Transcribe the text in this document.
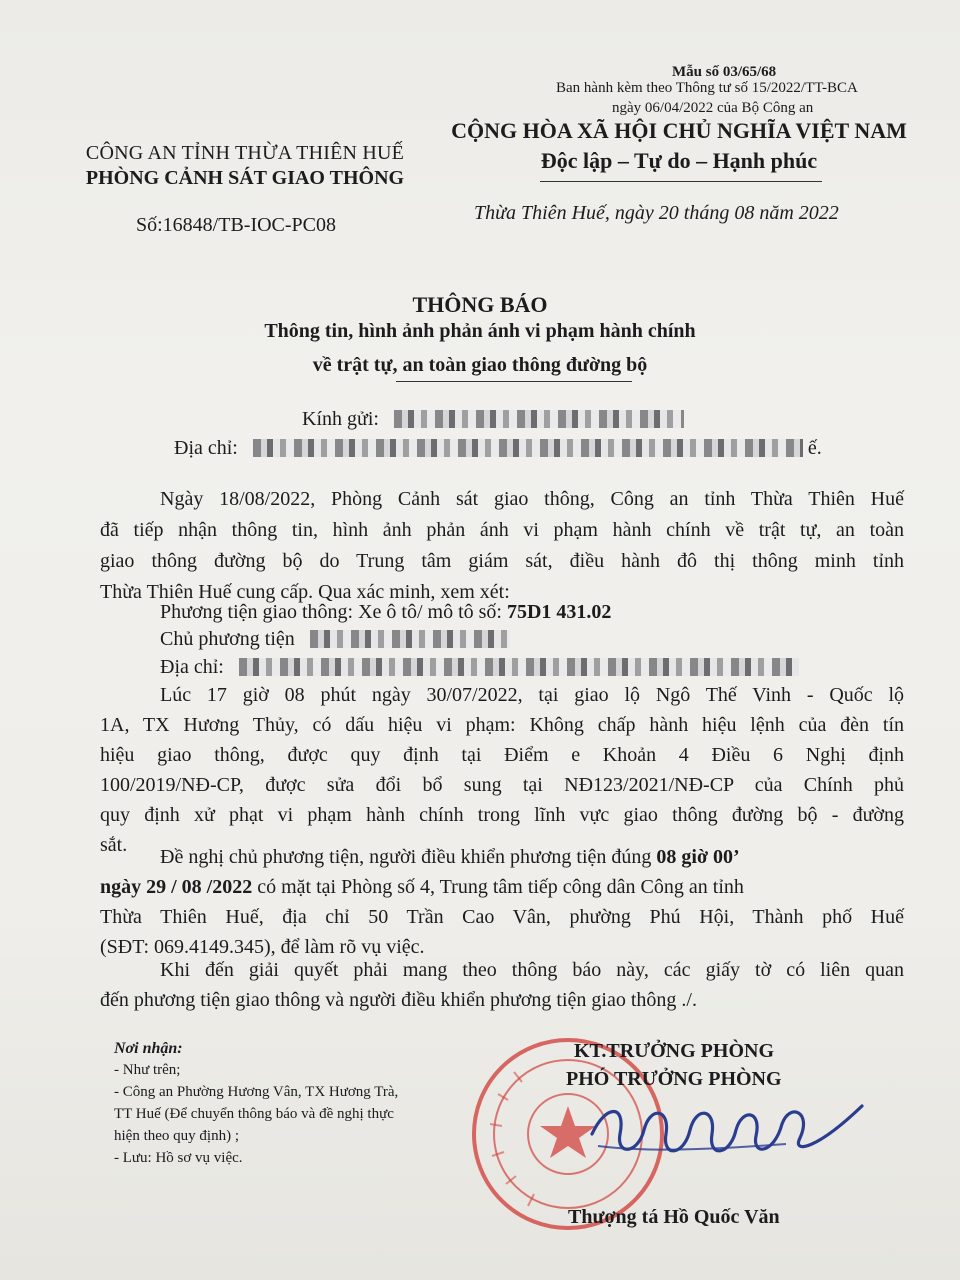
Mẫu số 03/65/68
Ban hành kèm theo Thông tư số 15/2022/TT-BCA
ngày 06/04/2022 của Bộ Công an
CÔNG AN TỈNH THỪA THIÊN HUẾ
PHÒNG CẢNH SÁT GIAO THÔNG
CỘNG HÒA XÃ HỘI CHỦ NGHĨA VIỆT NAM
Độc lập – Tự do – Hạnh phúc
Số:16848/TB-IOC-PC08
Thừa Thiên Huế, ngày 20 tháng 08 năm 2022
THÔNG BÁO
Thông tin, hình ảnh phản ánh vi phạm hành chính
về trật tự, an toàn giao thông đường bộ
Kính gửi:
Địa chỉ:	ế.
Ngày 18/08/2022, Phòng Cảnh sát giao thông, Công an tỉnh Thừa Thiên Huế
đã tiếp nhận thông tin, hình ảnh phản ánh vi phạm hành chính về trật tự, an toàn
giao thông đường bộ do Trung tâm giám sát, điều hành đô thị thông minh tỉnh
Thừa Thiên Huế cung cấp. Qua xác minh, xem xét:
Phương tiện giao thông: Xe ô tô/ mô tô số: 75D1 431.02
Chủ phương tiện
Địa chỉ:
Lúc 17 giờ 08 phút ngày 30/07/2022, tại giao lộ Ngô Thế Vinh - Quốc lộ
1A, TX Hương Thủy, có dấu hiệu vi phạm: Không chấp hành hiệu lệnh của đèn tín
hiệu giao thông, được quy định tại Điểm e Khoản 4 Điều 6 Nghị định
100/2019/NĐ-CP, được sửa đổi bổ sung tại NĐ123/2021/NĐ-CP của Chính phủ
quy định xử phạt vi phạm hành chính trong lĩnh vực giao thông đường bộ - đường
sắt.
Đề nghị chủ phương tiện, người điều khiển phương tiện đúng 08 giờ 00’
ngày 29 / 08 /2022 có mặt tại Phòng số 4, Trung tâm tiếp công dân Công an tỉnh
Thừa Thiên Huế, địa chỉ 50 Trần Cao Vân, phường Phú Hội, Thành phố Huế
(SĐT: 069.4149.345), để làm rõ vụ việc.
Khi đến giải quyết phải mang theo thông báo này, các giấy tờ có liên quan
đến phương tiện giao thông và người điều khiển phương tiện giao thông ./.
Nơi nhận:
- Như trên;
- Công an Phường Hương Vân, TX Hương Trà,
TT Huế (Để chuyển thông báo và đề nghị thực
hiện theo quy định) ;
- Lưu: Hồ sơ vụ việc.
KT.TRƯỞNG PHÒNG
PHÓ TRƯỞNG PHÒNG
Thượng tá Hồ Quốc Văn
